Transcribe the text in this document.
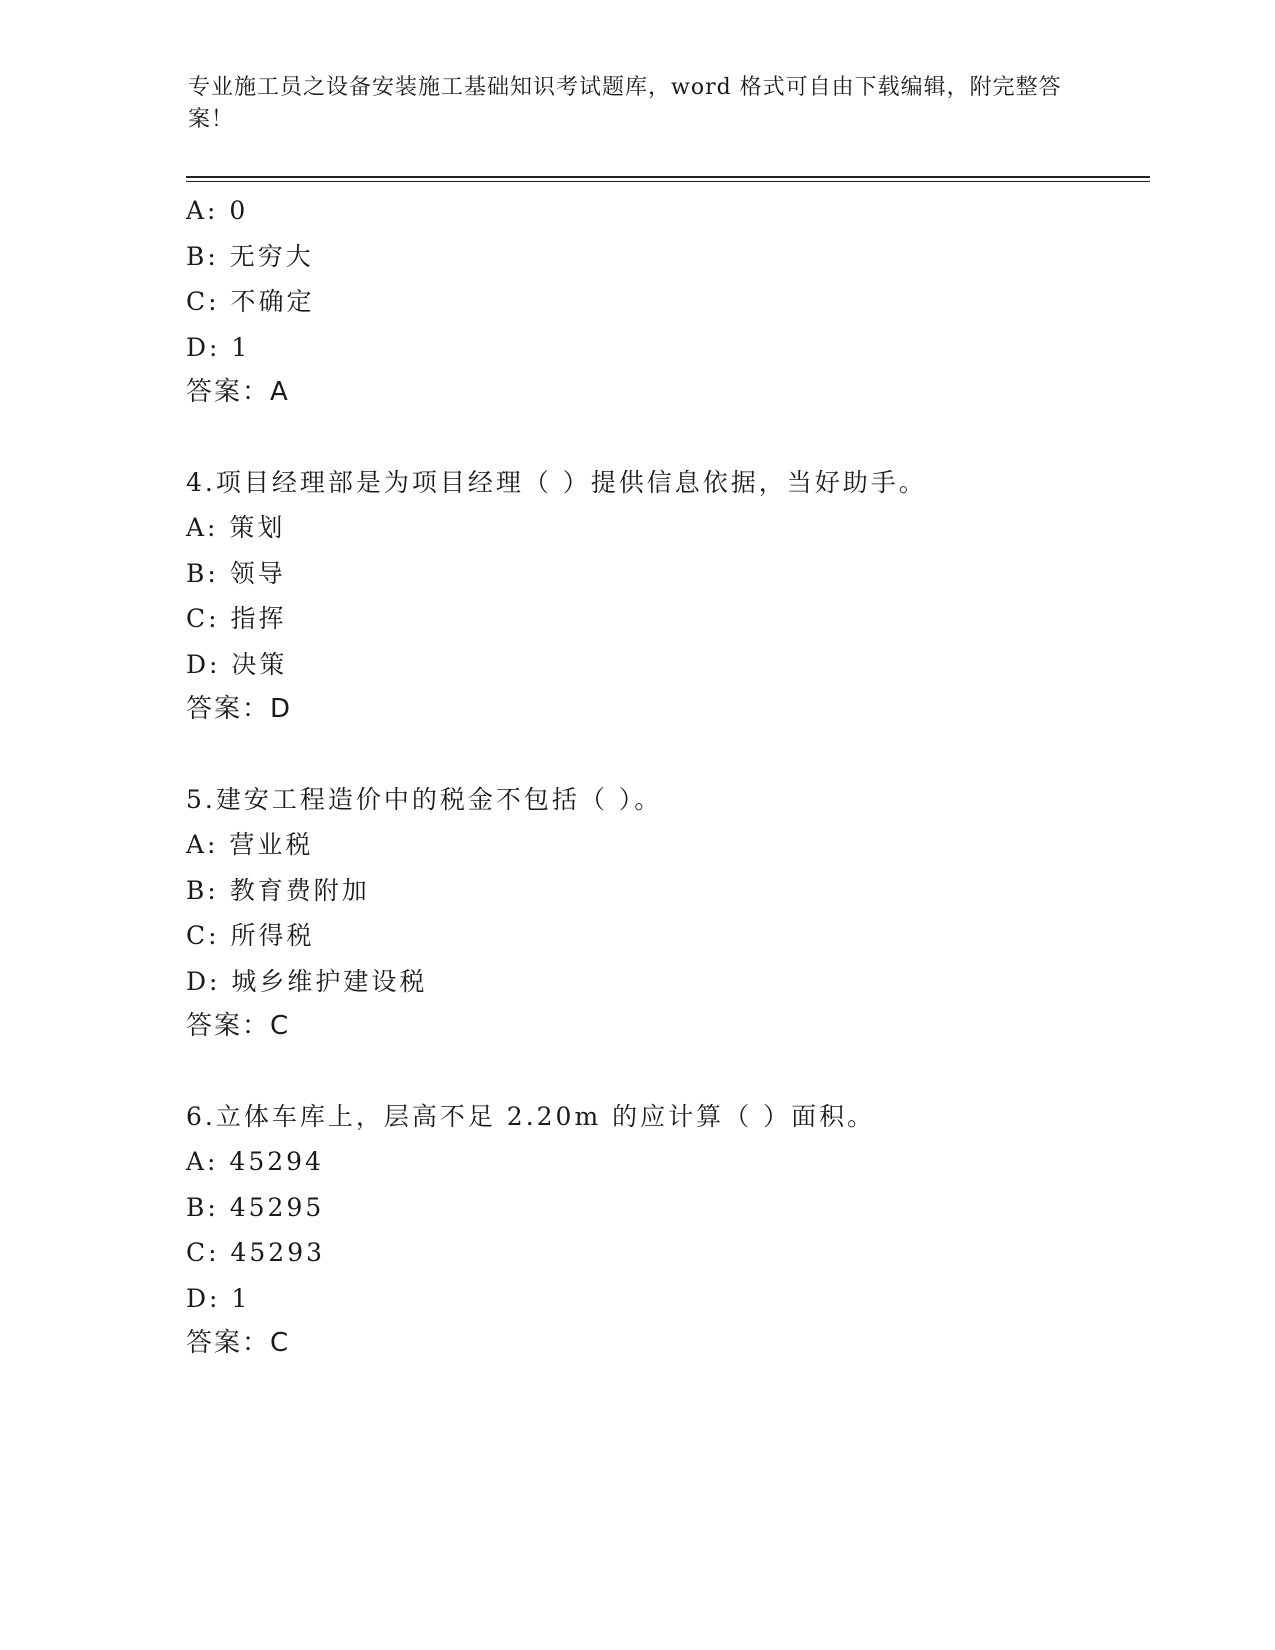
专业施工员之设备安装施工基础知识考试题库，word 格式可自由下载编辑，附完整答案！
A: 0
B: 无穷大
C: 不确定
D: 1
答案：A
4.项目经理部是为项目经理（ ）提供信息依据，当好助手。
A: 策划
B: 领导
C: 指挥
D: 决策
答案：D
5.建安工程造价中的税金不包括（ ）。
A: 营业税
B: 教育费附加
C: 所得税
D: 城乡维护建设税
答案：C
6.立体车库上，层高不足 2.20m 的应计算（ ）面积。
A: 45294
B: 45295
C: 45293
D: 1
答案：C
